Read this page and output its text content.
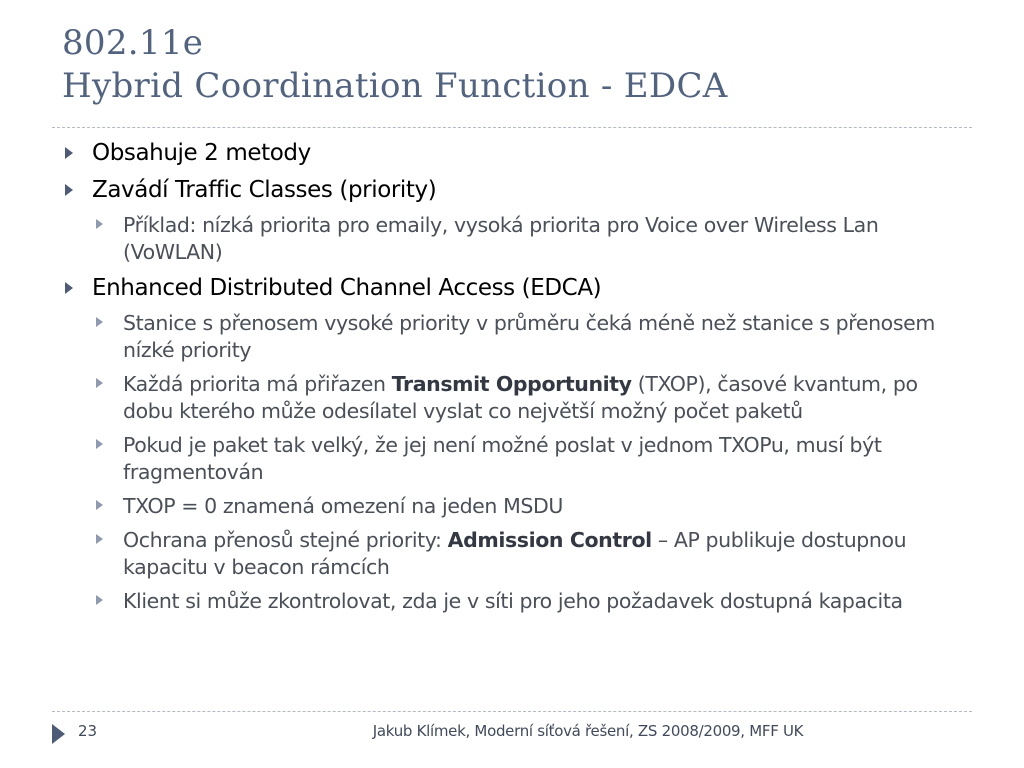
802.11e
Hybrid Coordination Function - EDCA
Obsahuje 2 metody
Zavádí Traffic Classes (priority)
Příklad: nízká priorita pro emaily, vysoká priorita pro Voice over Wireless Lan (VoWLAN)
Enhanced Distributed Channel Access (EDCA)
Stanice s přenosem vysoké priority v průměru čeká méně než stanice s přenosem nízké priority
Každá priorita má přiřazen Transmit Opportunity (TXOP), časové kvantum, po dobu kterého může odesílatel vyslat co největší možný počet paketů
Pokud je paket tak velký, že jej není možné poslat v jednom TXOPu, musí být fragmentován
TXOP = 0 znamená omezení na jeden MSDU
Ochrana přenosů stejné priority: Admission Control – AP publikuje dostupnou kapacitu v beacon rámcích
Klient si může zkontrolovat, zda je v síti pro jeho požadavek dostupná kapacita
23	Jakub Klímek, Moderní síťová řešení, ZS 2008/2009, MFF UK
